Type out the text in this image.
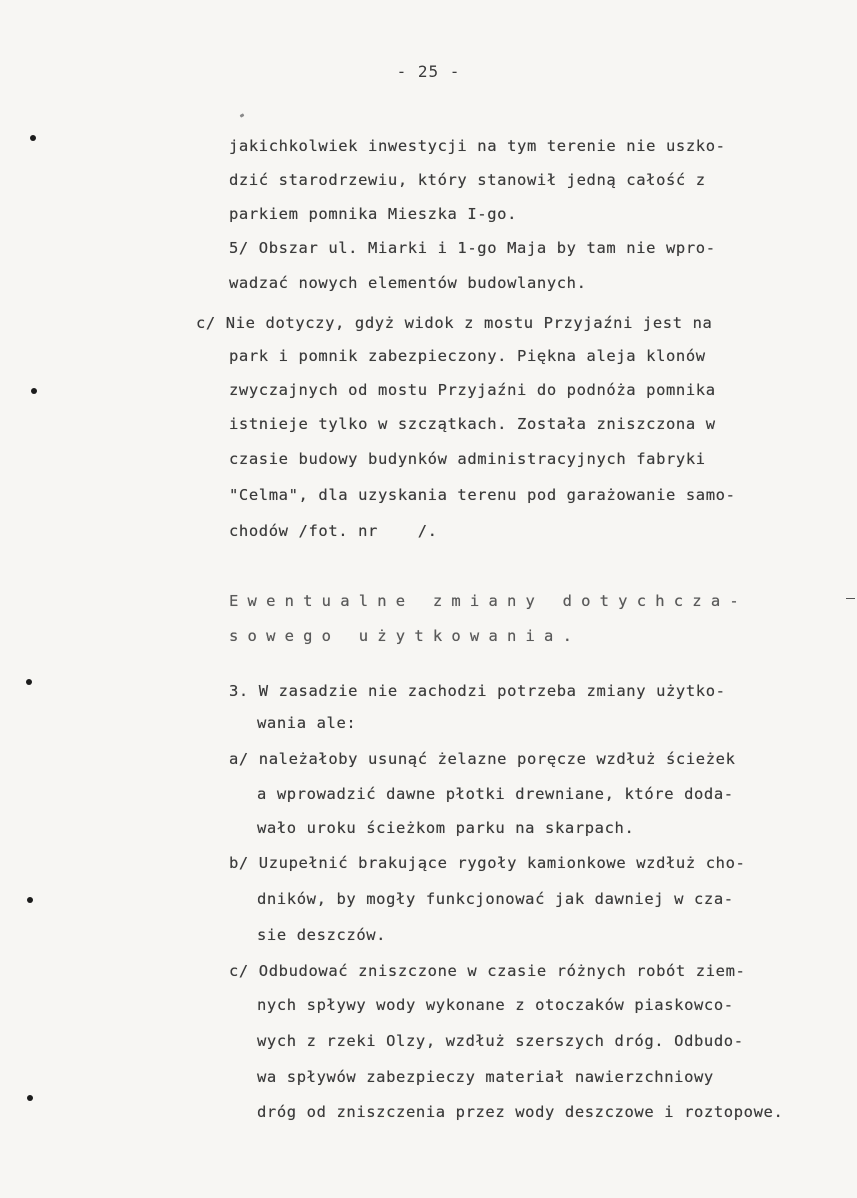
- 25 -
jakichkolwiek inwestycji na tym terenie nie uszko-
dzić starodrzewiu, który stanowił jedną całość z
parkiem pomnika Mieszka I-go.
5/ Obszar ul. Miarki i 1-go Maja by tam nie wpro-
wadzać nowych elementów budowlanych.
c/ Nie dotyczy, gdyż widok z mostu Przyjaźni jest na
park i pomnik zabezpieczony. Piękna aleja klonów
zwyczajnych od mostu Przyjaźni do podnóża pomnika
istnieje tylko w szczątkach. Została zniszczona w
czasie budowy budynków administracyjnych fabryki
"Celma", dla uzyskania terenu pod garażowanie samo-
chodów /fot. nr    /.
Ewentualne zmiany dotychcza-
sowego użytkowania.
3. W zasadzie nie zachodzi potrzeba zmiany użytko-
wania ale:
a/ należałoby usunąć żelazne poręcze wzdłuż ścieżek
a wprowadzić dawne płotki drewniane, które doda-
wało uroku ścieżkom parku na skarpach.
b/ Uzupełnić brakujące rygoły kamionkowe wzdłuż cho-
dników, by mogły funkcjonować jak dawniej w cza-
sie deszczów.
c/ Odbudować zniszczone w czasie różnych robót ziem-
nych spływy wody wykonane z otoczaków piaskowco-
wych z rzeki Olzy, wzdłuż szerszych dróg. Odbudo-
wa spływów zabezpieczy materiał nawierzchniowy
dróg od zniszczenia przez wody deszczowe i roztopowe.
